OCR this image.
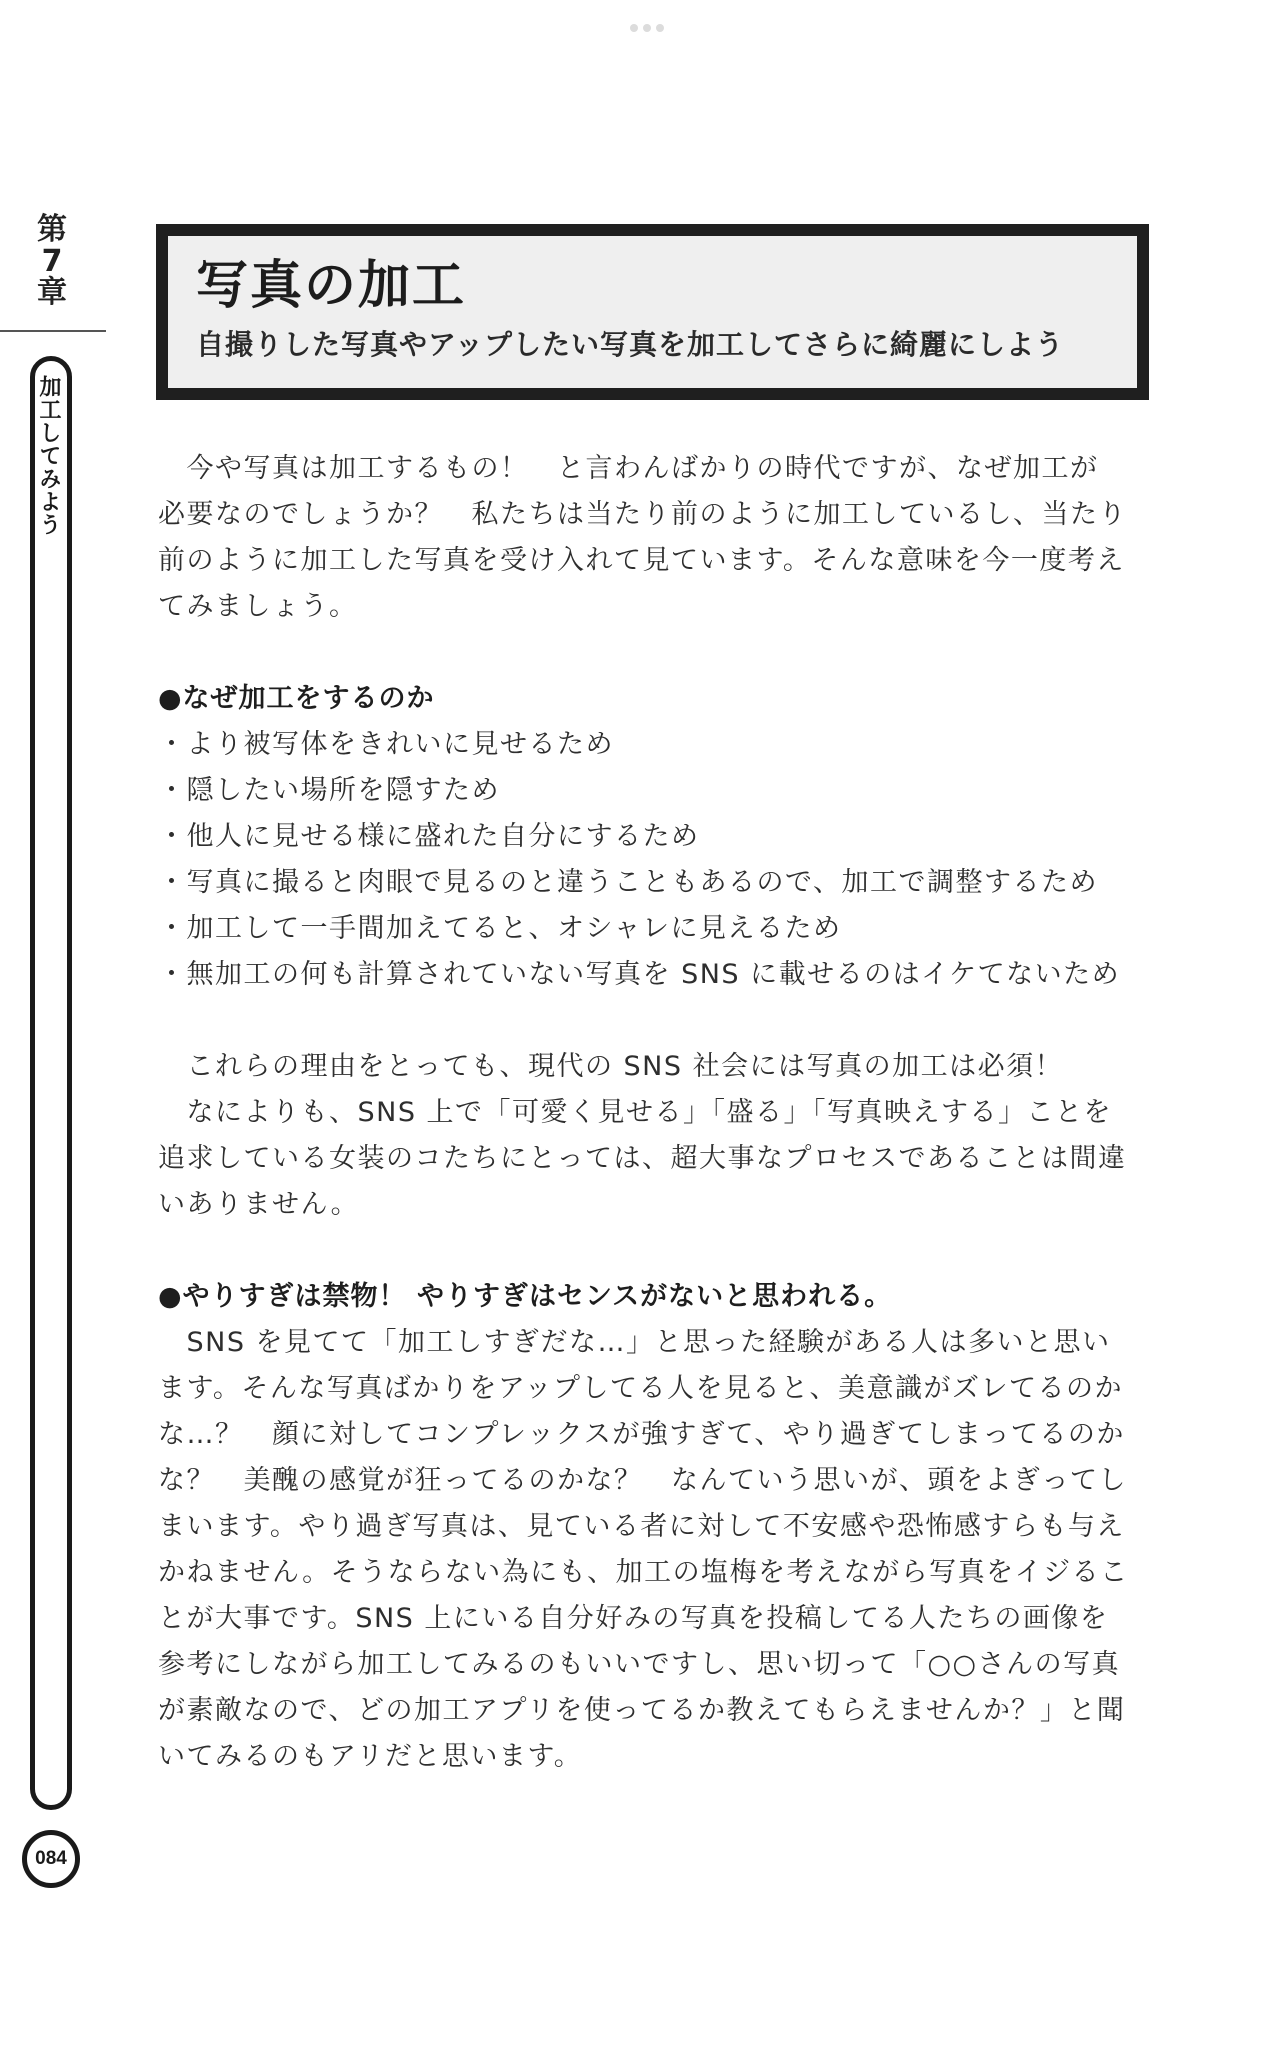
第
7
章
加工してみよう
084
写真の加工

自撮りした写真やアップしたい写真を加工してさらに綺麗にしよう

　今や写真は加工するもの！　と言わんばかりの時代ですが、なぜ加工が
必要なのでしょうか？　私たちは当たり前のように加工しているし、当たり
前のように加工した写真を受け入れて見ています。そんな意味を今一度考え
てみましょう。

●なぜ加工をするのか
・より被写体をきれいに見せるため
・隠したい場所を隠すため
・他人に見せる様に盛れた自分にするため
・写真に撮ると肉眼で見るのと違うこともあるので、加工で調整するため
・加工して一手間加えてると、オシャレに見えるため
・無加工の何も計算されていない写真を SNS に載せるのはイケてないため

　これらの理由をとっても、現代の SNS 社会には写真の加工は必須！
　なによりも、SNS 上で「可愛く見せる」「盛る」「写真映えする」ことを
追求している女装のコたちにとっては、超大事なプロセスであることは間違
いありません。

●やりすぎは禁物！ やりすぎはセンスがないと思われる。

　SNS を見てて「加工しすぎだな…」と思った経験がある人は多いと思い
ます。そんな写真ばかりをアップしてる人を見ると、美意識がズレてるのか
な…？　顔に対してコンプレックスが強すぎて、やり過ぎてしまってるのか
な？　美醜の感覚が狂ってるのかな？　なんていう思いが、頭をよぎってし
まいます。やり過ぎ写真は、見ている者に対して不安感や恐怖感すらも与え
かねません。そうならない為にも、加工の塩梅を考えながら写真をイジるこ
とが大事です。SNS 上にいる自分好みの写真を投稿してる人たちの画像を
参考にしながら加工してみるのもいいですし、思い切って「○○さんの写真
が素敵なので、どの加工アプリを使ってるか教えてもらえませんか？」と聞
いてみるのもアリだと思います。
